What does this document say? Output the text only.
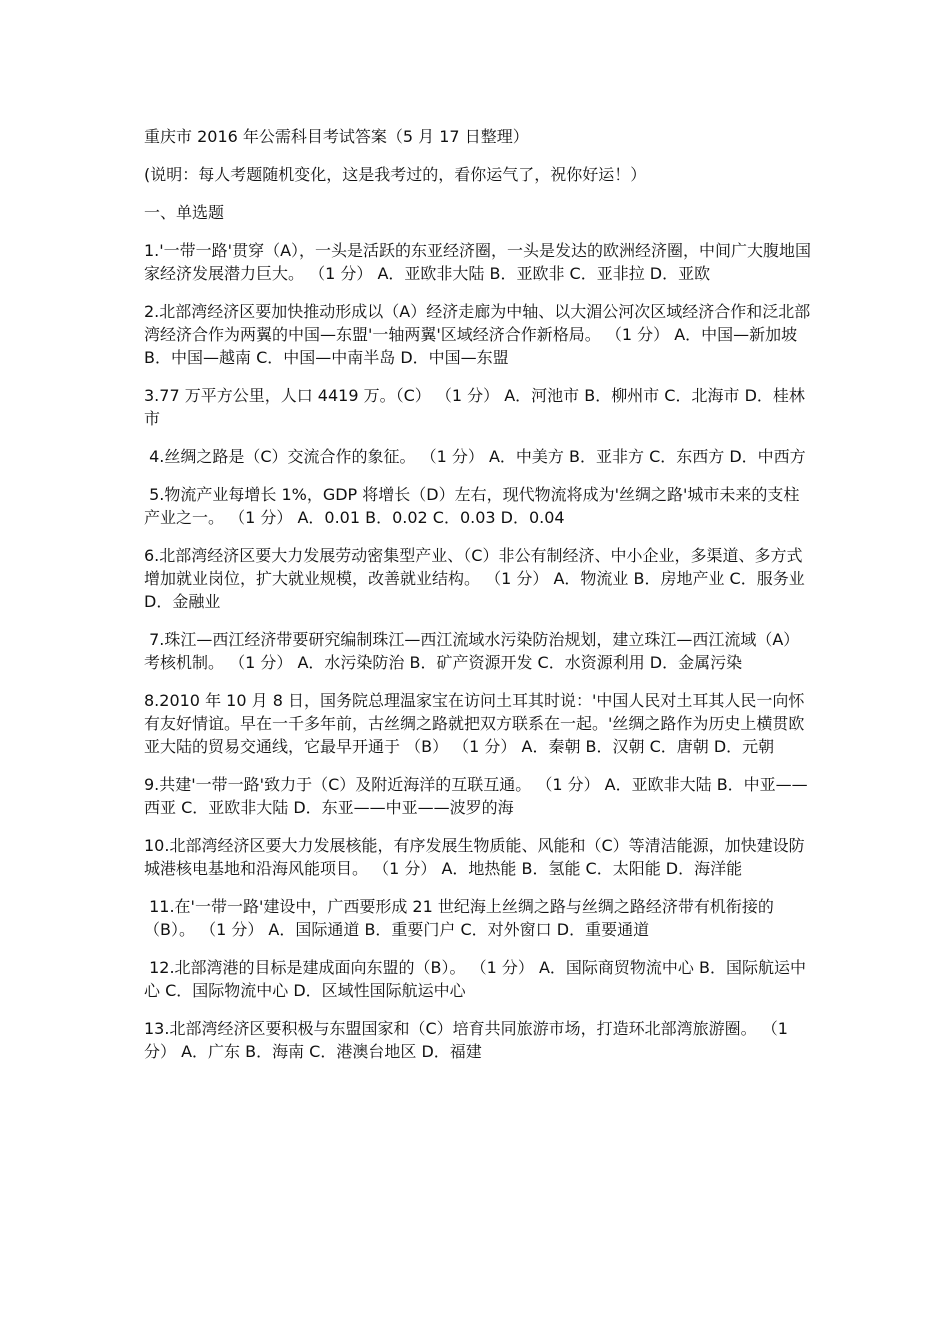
重庆市 2016 年公需科目考试答案（5 月 17 日整理）

(说明：每人考题随机变化，这是我考过的，看你运气了，祝你好运！）

一、单选题

1.'一带一路'贯穿（A），一头是活跃的东亚经济圈，一头是发达的欧洲经济圈，中间广大腹地国家经济发展潜力巨大。 （1 分） A．亚欧非大陆 B．亚欧非 C．亚非拉 D．亚欧

2.北部湾经济区要加快推动形成以（A）经济走廊为中轴、以大湄公河次区域经济合作和泛北部湾经济合作为两翼的中国—东盟'一轴两翼'区域经济合作新格局。 （1 分） A．中国—新加坡 B．中国—越南 C．中国—中南半岛 D．中国—东盟

3.77 万平方公里，人口 4419 万。（C） （1 分） A．河池市 B．柳州市 C．北海市 D．桂林市

4.丝绸之路是（C）交流合作的象征。 （1 分） A．中美方 B．亚非方 C．东西方 D．中西方

5.物流产业每增长 1%，GDP 将增长（D）左右，现代物流将成为'丝绸之路'城市未来的支柱产业之一。 （1 分） A．0.01 B．0.02 C．0.03 D．0.04

6.北部湾经济区要大力发展劳动密集型产业、（C）非公有制经济、中小企业，多渠道、多方式增加就业岗位，扩大就业规模，改善就业结构。 （1 分） A．物流业 B．房地产业 C．服务业 D．金融业

7.珠江—西江经济带要研究编制珠江—西江流域水污染防治规划，建立珠江—西江流域（A）考核机制。 （1 分） A．水污染防治 B．矿产资源开发 C．水资源利用 D．金属污染

8.2010 年 10 月 8 日，国务院总理温家宝在访问土耳其时说：'中国人民对土耳其人民一向怀有友好情谊。早在一千多年前，古丝绸之路就把双方联系在一起。'丝绸之路作为历史上横贯欧亚大陆的贸易交通线，它最早开通于 （B） （1 分） A．秦朝 B．汉朝 C．唐朝 D．元朝

9.共建'一带一路'致力于（C）及附近海洋的互联互通。 （1 分） A．亚欧非大陆 B．中亚——西亚 C．亚欧非大陆 D．东亚——中亚——波罗的海

10.北部湾经济区要大力发展核能，有序发展生物质能、风能和（C）等清洁能源，加快建设防城港核电基地和沿海风能项目。 （1 分） A．地热能 B．氢能 C．太阳能 D．海洋能

11.在'一带一路'建设中，广西要形成 21 世纪海上丝绸之路与丝绸之路经济带有机衔接的（B）。 （1 分） A．国际通道 B．重要门户 C．对外窗口 D．重要通道

12.北部湾港的目标是建成面向东盟的（B）。 （1 分） A．国际商贸物流中心 B．国际航运中心 C．国际物流中心 D．区域性国际航运中心

13.北部湾经济区要积极与东盟国家和（C）培育共同旅游市场，打造环北部湾旅游圈。 （1 分） A．广东 B．海南 C．港澳台地区 D．福建
